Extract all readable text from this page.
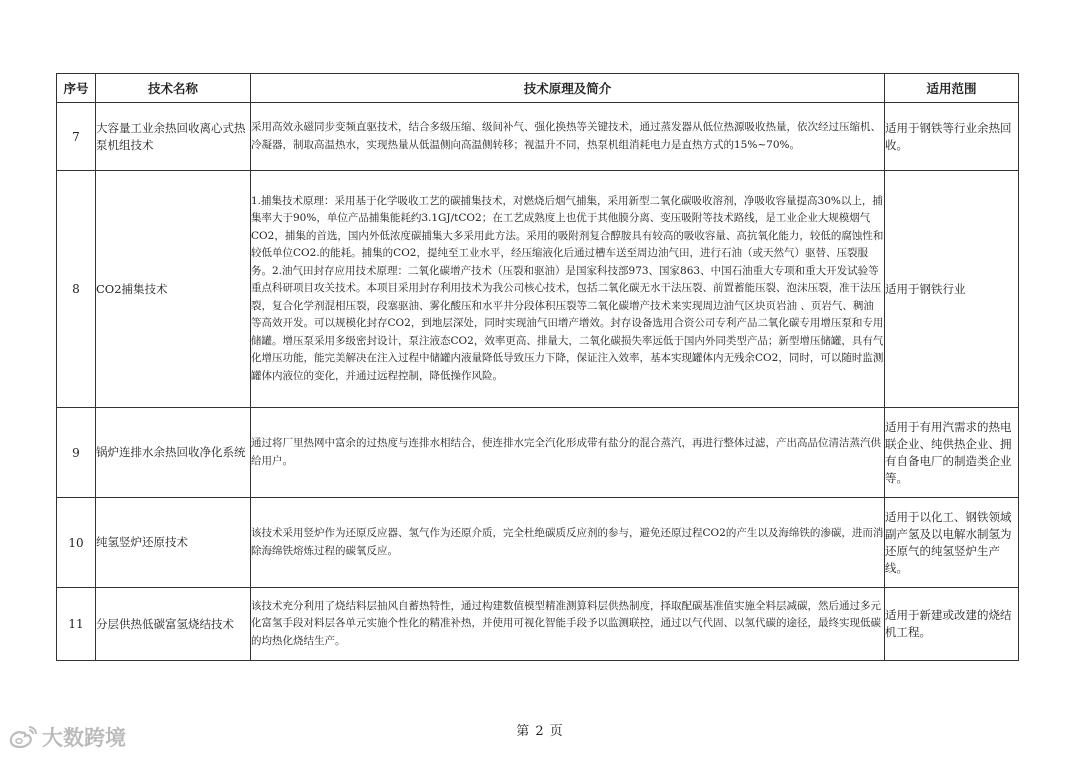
序号	技术名称	技术原理及简介	适用范围
7	大容量工业余热回收离心式热泵机组技术	采用高效永磁同步变频直驱技术，结合多级压缩、级间补气、强化换热等关键技术，通过蒸发器从低位热源吸收热量，依次经过压缩机、冷凝器，制取高温热水，实现热量从低温侧向高温侧转移；视温升不同，热泵机组消耗电力是直热方式的15%~70%。	适用于钢铁等行业余热回收。
8	CO2捕集技术	1.捕集技术原理：采用基于化学吸收工艺的碳捕集技术，对燃烧后烟气捕集，采用新型二氧化碳吸收溶剂，净吸收容量提高30%以上，捕集率大于90%，单位产品捕集能耗约3.1GJ/tCO2；在工艺成熟度上也优于其他膜分离、变压吸附等技术路线，是工业企业大规模烟气CO2，捕集的首选，国内外低浓度碳捕集大多采用此方法。采用的吸附剂复合醇胺具有较高的吸收容量、高抗氧化能力，较低的腐蚀性和较低单位CO2.的能耗。捕集的CO2，提纯至工业水平，经压缩液化后通过槽车送至周边油气田，进行石油（或天然气）驱替、压裂服务。2.油气田封存应用技术原理：二氧化碳增产技术（压裂和驱油）是国家科技部973、国家863、中国石油重大专项和重大开发试验等重点科研项目攻关技术。本项目采用封存利用技术为我公司核心技术，包括二氧化碳无水干法压裂、前置蓄能压裂、泡沫压裂，准干法压裂，复合化学剂混相压裂，段塞驱油、雾化酸压和水平井分段体积压裂等二氧化碳增产技术来实现周边油气区块页岩油 、页岩气、稠油等高效开发。可以规模化封存CO2，到地层深处，同时实现油气田增产增效。封存设备选用合资公司专利产品二氧化碳专用增压泵和专用储罐。增压泵采用多级密封设计，泵注液态CO2，效率更高、排量大，二氧化碳损失率远低于国内外同类型产品；新型增压储罐，具有气化增压功能，能完美解决在注入过程中储罐内液量降低导致压力下降，保证注入效率，基本实现罐体内无残余CO2，同时，可以随时监测罐体内液位的变化，并通过远程控制，降低操作风险。	适用于钢铁行业
9	锅炉连排水余热回收净化系统	通过将厂里热网中富余的过热度与连排水相结合，使连排水完全汽化形成带有盐分的混合蒸汽，再进行整体过滤，产出高品位清洁蒸汽供给用户。	适用于有用汽需求的热电联企业、纯供热企业、拥有自备电厂的制造类企业等。
10	纯氢竖炉还原技术	该技术采用竖炉作为还原反应器、氢气作为还原介质，完全杜绝碳质反应剂的参与，避免还原过程CO2的产生以及海绵铁的渗碳，进而消除海绵铁熔炼过程的碳氧反应。	适用于以化工、钢铁领域副产氢及以电解水制氢为还原气的纯氢竖炉生产线。
11	分层供热低碳富氢烧结技术	该技术充分利用了烧结料层抽风自蓄热特性，通过构建数值模型精准测算料层供热制度，择取配碳基准值实施全料层减碳，然后通过多元化富氢手段对料层各单元实施个性化的精准补热，并使用可视化智能手段予以监测联控，通过以气代固、以氢代碳的途径，最终实现低碳的均热化烧结生产。	适用于新建或改建的烧结机工程。
第 2 页
大数跨境
